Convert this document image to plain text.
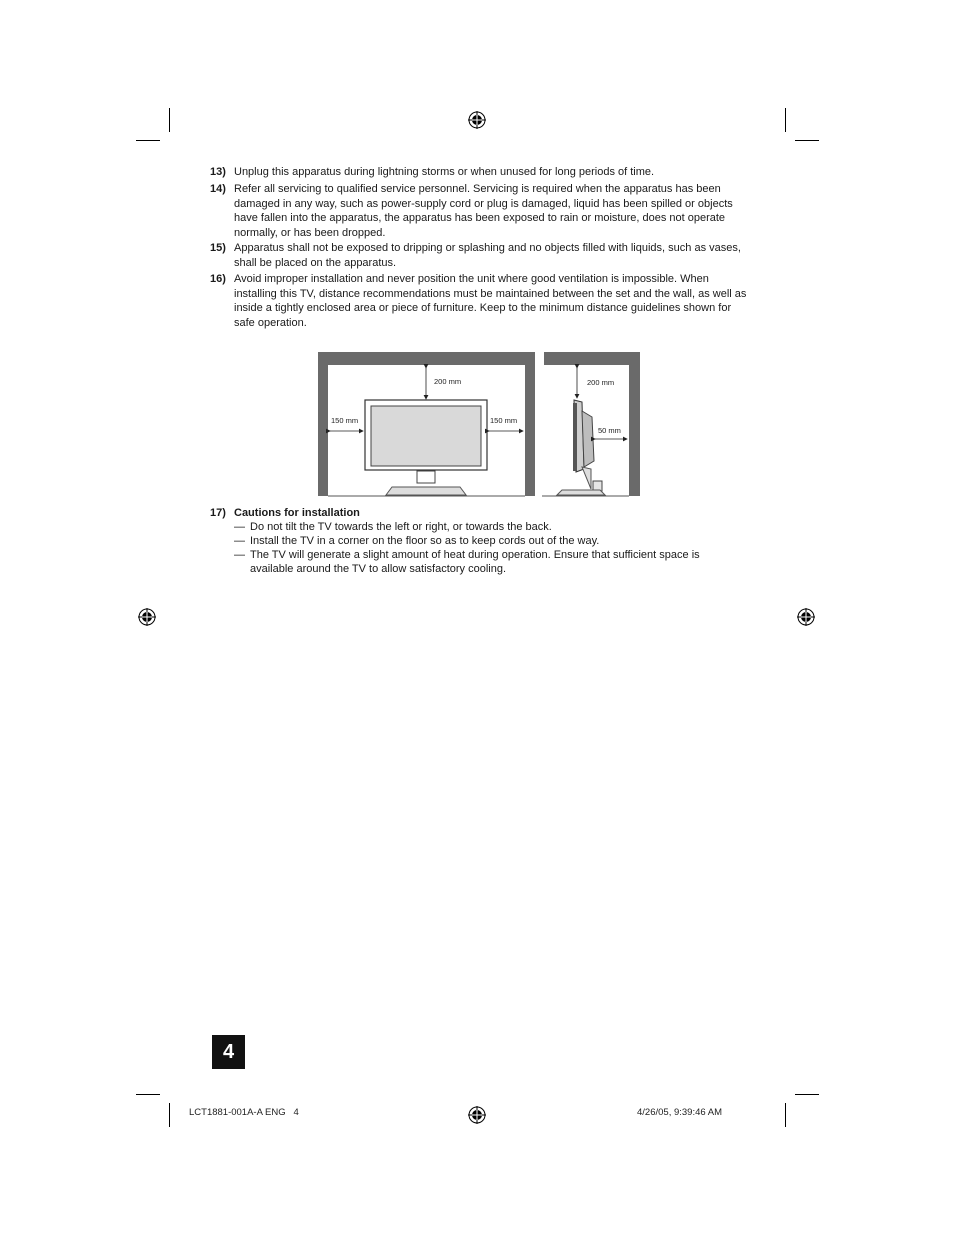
13) Unplug this apparatus during lightning storms or when unused for long periods of time.
14) Refer all servicing to qualified service personnel. Servicing is required when the apparatus has been damaged in any way, such as power-supply cord or plug is damaged, liquid has been spilled or objects have fallen into the apparatus, the apparatus has been exposed to rain or moisture, does not operate normally, or has been dropped.
15) Apparatus shall not be exposed to dripping or splashing and no objects filled with liquids, such as vases, shall be placed on the apparatus.
16) Avoid improper installation and never position the unit where good ventilation is impossible. When installing this TV, distance recommendations must be maintained between the set and the wall, as well as inside a tightly enclosed area or piece of furniture. Keep to the minimum distance guidelines shown for safe operation.
200 mm
150 mm	150 mm
200 mm
50 mm
17) Cautions for installation
— Do not tilt the TV towards the left or right, or towards the back.
— Install the TV in a corner on the floor so as to keep cords out of the way.
— The TV will generate a slight amount of heat during operation. Ensure that sufficient space is available around the TV to allow satisfactory cooling.
4
LCT1881-001A-A ENG   4	4/26/05, 9:39:46 AM
